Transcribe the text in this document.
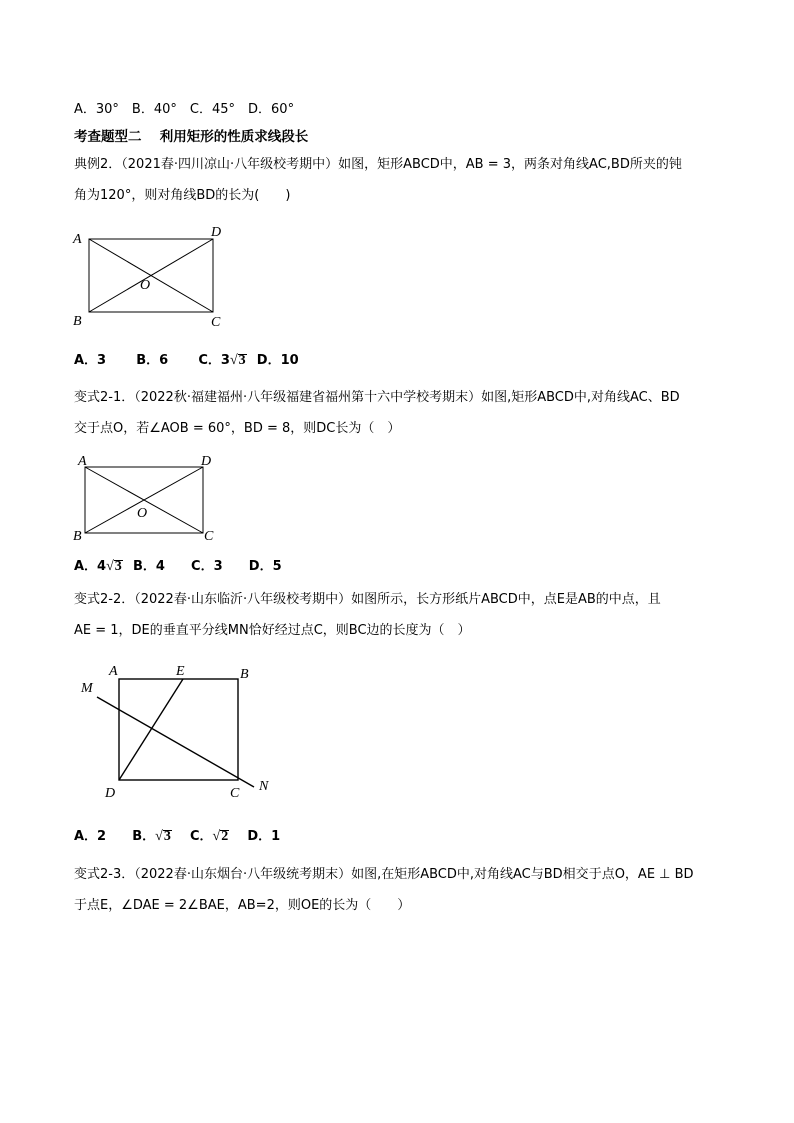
A．30°　B．40°　C．45°　D．60°
考查题型二　 利用矩形的性质求线段长
典例2．（2021春·四川凉山·八年级校考期中）如图，矩形ABCD中，AB = 3，两条对角线AC,BD所夹的钝
角为120°，则对角线BD的长为(　　)
A	D
B	C
O
A．3 B．6 C．3√3 D．10
变式2-1．（2022秋·福建福州·八年级福建省福州第十六中学校考期末）如图,矩形ABCD中,对角线AC、BD
交于点O，若∠AOB = 60°，BD = 8，则DC长为（　）
A	D
B	C
O
A．4√3 B．4 C．3 D．5
变式2-2．（2022春·山东临沂·八年级校考期中）如图所示，长方形纸片ABCD中，点E是AB的中点，且
AE = 1，DE的垂直平分线MN恰好经过点C，则BC边的长度为（　）
A	E	B
M
D	C N
A．2 B．√3 C．√2 D．1
变式2-3．（2022春·山东烟台·八年级统考期末）如图,在矩形ABCD中,对角线AC与BD相交于点O，AE ⊥ BD
于点E，∠DAE = 2∠BAE，AB=2，则OE的长为（　　）
